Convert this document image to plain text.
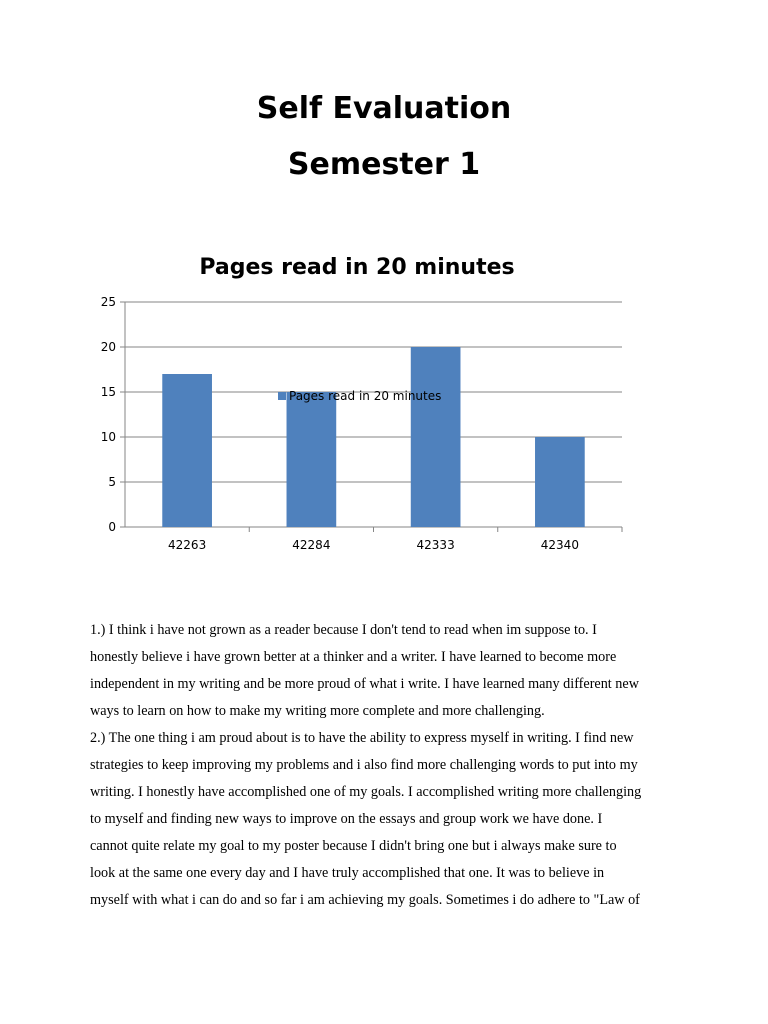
Self Evaluation
Semester 1
Pages read in 20 minutes
0
5
10
15
20
25
42263	42284	42333	42340
Pages read in 20 minutes
1.) I think i have not grown as a reader because I don't tend to read when im suppose to. I
honestly believe i have grown better at a thinker and a writer. I have learned to become more
independent in my writing and be more proud of what i write. I have learned many different new
ways to learn on how to make my writing more complete and more challenging.
2.) The one thing i am proud about is to have the ability to express myself in writing. I find new
strategies to keep improving my problems and i also find more challenging words to put into my
writing. I honestly have accomplished one of my goals. I accomplished writing more challenging
to myself and finding new ways to improve on the essays and group work we have done. I
cannot quite relate my goal to my poster because I didn't bring one but i always make sure to
look at the same one every day and I have truly accomplished that one. It was to believe in
myself with what i can do and so far i am achieving my goals. Sometimes i do adhere to "Law of
